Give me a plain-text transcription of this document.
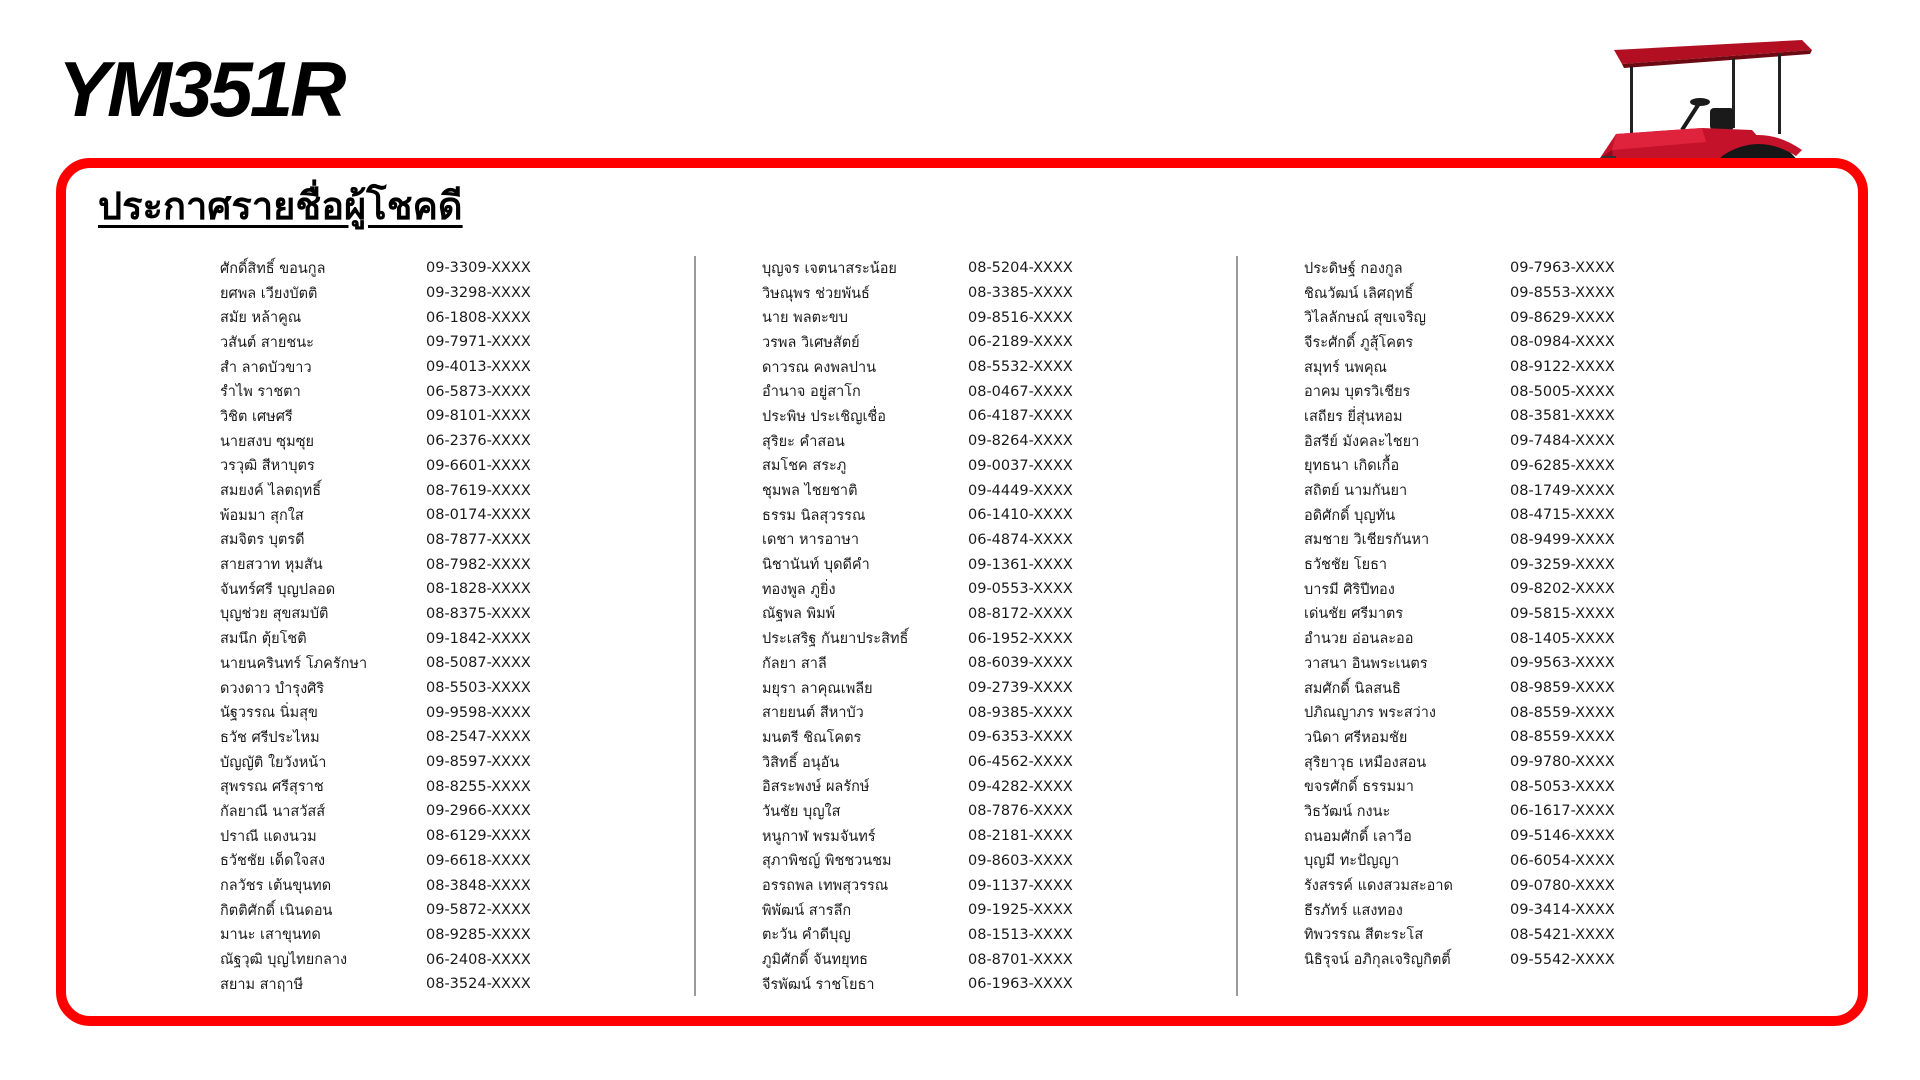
YM351R
ประกาศรายชื่อผู้โชคดี
ศักดิ์สิทธิ์ ขอนกูล	09-3309-XXXX
ยศพล เวียงบัตติ	09-3298-XXXX
สมัย หล้าคูณ	06-1808-XXXX
วสันต์ สายชนะ	09-7971-XXXX
สำ ลาดบัวขาว	09-4013-XXXX
รำไพ ราชตา	06-5873-XXXX
วิชิต เศษศรี	09-8101-XXXX
นายสงบ ซุมซุย	06-2376-XXXX
วรวุฒิ สีหาบุตร	09-6601-XXXX
สมยงค์ ไลตฤทธิ์	08-7619-XXXX
พ้อมมา สุกใส	08-0174-XXXX
สมจิตร บุตรดี	08-7877-XXXX
สายสวาท หุมสัน	08-7982-XXXX
จันทร์ศรี บุญปลอด	08-1828-XXXX
บุญช่วย สุขสมบัติ	08-8375-XXXX
สมนึก ตุ้ยโชติ	09-1842-XXXX
นายนครินทร์ โภครักษา	08-5087-XXXX
ดวงดาว บำรุงศิริ	08-5503-XXXX
นัฐวรรณ นิ่มสุข	09-9598-XXXX
ธวัช ศรีประไหม	08-2547-XXXX
บัญญัติ ใยวังหน้า	09-8597-XXXX
สุพรรณ ศรีสุราช	08-8255-XXXX
กัลยาณี นาสวัสส์	09-2966-XXXX
ปราณี แดงนวม	08-6129-XXXX
ธวัชชัย เด็ดใจสง	09-6618-XXXX
กลวัชร เต้นขุนทด	08-3848-XXXX
กิตติศักดิ์ เนินดอน	09-5872-XXXX
มานะ เสาขุนทด	08-9285-XXXX
ณัฐวุฒิ บุญไทยกลาง	06-2408-XXXX
สยาม สาฤาษี	08-3524-XXXX
บุญจร เจตนาสระน้อย	08-5204-XXXX
วิษณุพร ช่วยพันธ์	08-3385-XXXX
นาย พลตะขบ	09-8516-XXXX
วรพล วิเศษสัตย์	06-2189-XXXX
ดาวรณ คงพลปาน	08-5532-XXXX
อำนาจ อยู่สาโก	08-0467-XXXX
ประพิษ ประเชิญเชื่อ	06-4187-XXXX
สุริยะ คำสอน	09-8264-XXXX
สมโชค สระภู	09-0037-XXXX
ชุมพล ไชยชาติ	09-4449-XXXX
ธรรม นิลสุวรรณ	06-1410-XXXX
เดชา หารอาษา	06-4874-XXXX
นิชานันท์ บุดดีคำ	09-1361-XXXX
ทองพูล ภูยิ่ง	09-0553-XXXX
ณัฐพล พิมพ์	08-8172-XXXX
ประเสริฐ กันยาประสิทธิ์	06-1952-XXXX
กัลยา สาลี	08-6039-XXXX
มยุรา ลาคุณเพลีย	09-2739-XXXX
สายยนต์ สีหาบัว	08-9385-XXXX
มนตรี ชิณโคตร	09-6353-XXXX
วิสิทธิ์ อนุอัน	06-4562-XXXX
อิสระพงษ์ ผลรักษ์	09-4282-XXXX
วันชัย บุญใส	08-7876-XXXX
หนูกาฬ พรมจันทร์	08-2181-XXXX
สุภาพิชญ์ พิชชวนชม	09-8603-XXXX
อรรถพล เทพสุวรรณ	09-1137-XXXX
พิพัฒน์ สารลึก	09-1925-XXXX
ตะวัน คำดีบุญ	08-1513-XXXX
ภูมิศักดิ์ จันทยุทธ	08-8701-XXXX
จีรพัฒน์ ราชโยธา	06-1963-XXXX
ประดิษฐ์ กองกูล	09-7963-XXXX
ชิณวัฒน์ เลิศฤทธิ์	09-8553-XXXX
วิไลลักษณ์ สุขเจริญ	09-8629-XXXX
จีระศักดิ์ ภูสุ้โคตร	08-0984-XXXX
สมุทร์ นพคุณ	08-9122-XXXX
อาคม บุตรวิเชียร	08-5005-XXXX
เสถียร ยี่สุ่นหอม	08-3581-XXXX
อิสรีย์ มังคละไชยา	09-7484-XXXX
ยุทธนา เกิดเกื้อ	09-6285-XXXX
สถิตย์ นามกันยา	08-1749-XXXX
อดิศักดิ์ บุญทัน	08-4715-XXXX
สมชาย วิเชียรกันหา	08-9499-XXXX
ธวัชชัย โยธา	09-3259-XXXX
บารมี ศิริปีทอง	09-8202-XXXX
เด่นชัย ศรีมาตร	09-5815-XXXX
อำนวย อ่อนละออ	08-1405-XXXX
วาสนา อินพระเนตร	09-9563-XXXX
สมศักดิ์ นิลสนธิ	08-9859-XXXX
ปภิณญาภร พระสว่าง	08-8559-XXXX
วนิดา ศรีหอมชัย	08-8559-XXXX
สุริยาวุธ เหมืองสอน	09-9780-XXXX
ขจรศักดิ์ ธรรมมา	08-5053-XXXX
วิธวัฒน์ กงนะ	06-1617-XXXX
ถนอมศักดิ์ เลาวีอ	09-5146-XXXX
บุญมี ทะปัญญา	06-6054-XXXX
รังสรรค์ แดงสวมสะอาด	09-0780-XXXX
ธีรภัทร์ แสงทอง	09-3414-XXXX
ทิพวรรณ สีตะระโส	08-5421-XXXX
นิธิรุจน์ อภิกุลเจริญกิตติ์	09-5542-XXXX
